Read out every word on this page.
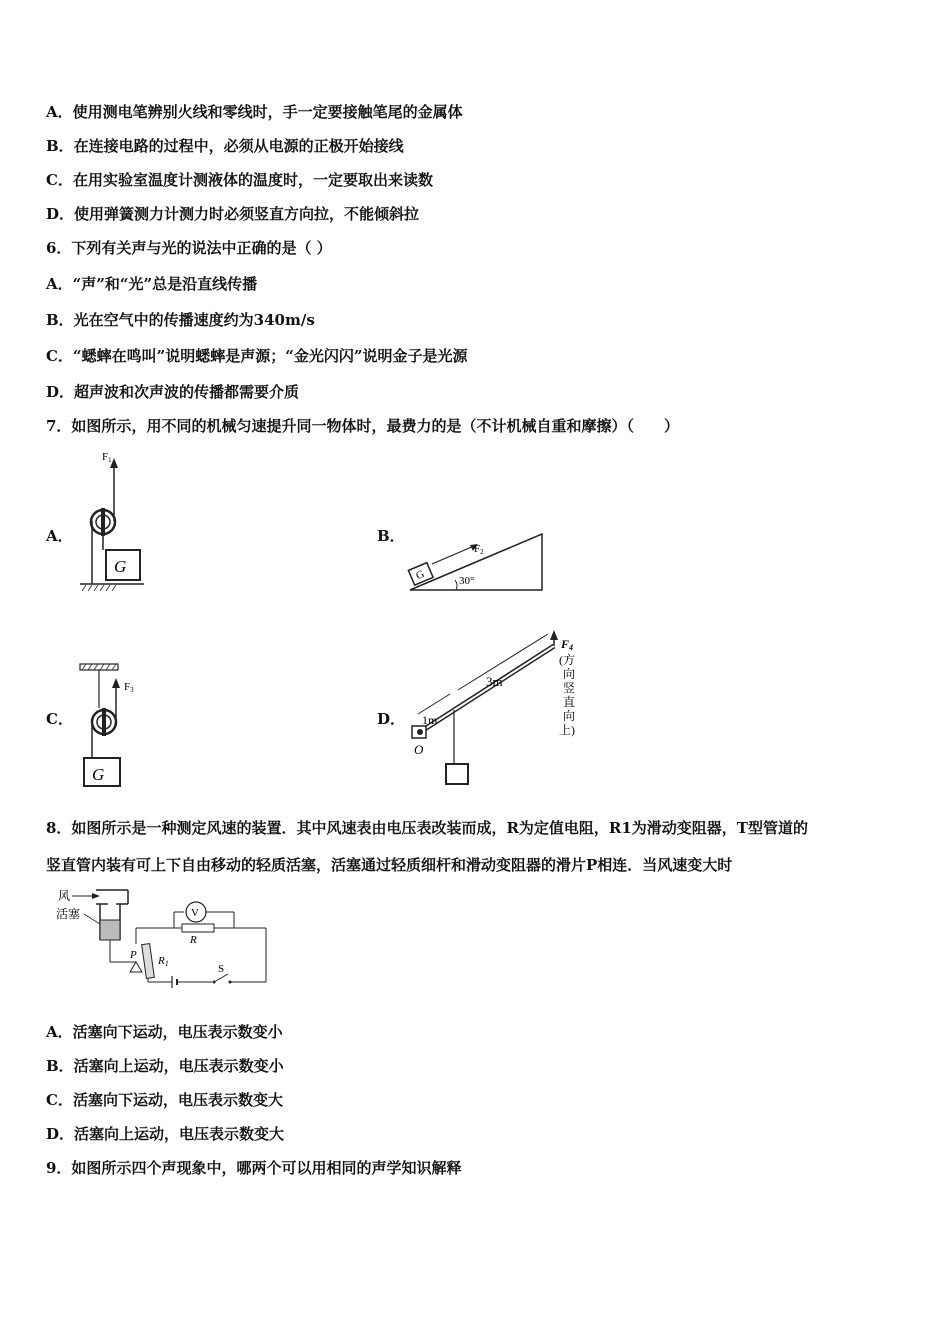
A．使用测电笔辨别火线和零线时，手一定要接触笔尾的金属体
B．在连接电路的过程中，必须从电源的正极开始接线
C．在用实验室温度计测液体的温度时，一定要取出来读数
D．使用弹簧测力计测力时必须竖直方向拉，不能倾斜拉
6．下列有关声与光的说法中正确的是（ ）
A．“声”和“光”总是沿直线传播
B．光在空气中的传播速度约为340m/s
C．“蟋蟀在鸣叫”说明蟋蟀是声源；“金光闪闪”说明金子是光源
D．超声波和次声波的传播都需要介质
7．如图所示，用不同的机械匀速提升同一物体时，最费力的是（不计机械自重和摩擦）（　　）
A．	B．
C．	D．
F1
G	G
F2
30°
F3
G
O
F4
(方
向
竖
直
向
上)
1m
3m
8．如图所示是一种测定风速的装置．其中风速表由电压表改装而成，R为定值电阻，R1为滑动变阻器，T型管道的
竖直管内装有可上下自由移动的轻质活塞，活塞通过轻质细杆和滑动变阻器的滑片P相连．当风速变大时
风
活塞	V
R
P R1	S
A．活塞向下运动，电压表示数变小
B．活塞向上运动，电压表示数变小
C．活塞向下运动，电压表示数变大
D．活塞向上运动，电压表示数变大
9．如图所示四个声现象中，哪两个可以用相同的声学知识解释
